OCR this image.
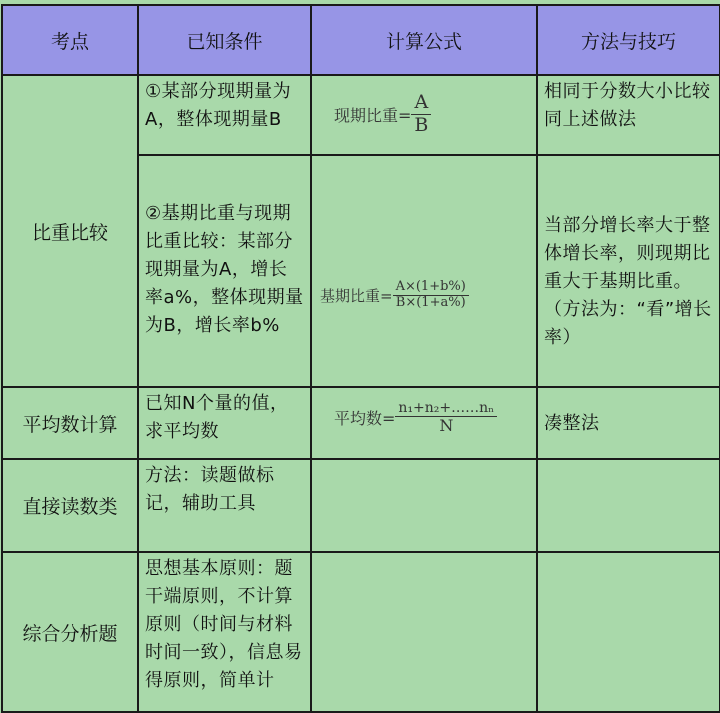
考点	已知条件	计算公式	方法与技巧
比重比较	①某部分现期量为A，整体现期量B	现期比重= $\frac{A}{B}$	相同于分数大小比较同上述做法
	②基期比重与现期比重比较：某部分现期量为A，增长率a%，整体现期量为B，增长率b%	基期比重= $\frac{A\times(1+b\%)}{B\times(1+a\%)}$	当部分增长率大于整体增长率，则现期比重大于基期比重。（方法为：“看”增长率）
平均数计算	已知N个量的值，求平均数	平均数= $\frac{\text{n₁+n₂+……nₙ}}{N}$	凑整法
直接读数类	方法：读题做标记，辅助工具		
综合分析题	思想基本原则：题干端原则，不计算原则（时间与材料时间一致），信息易得原则，简单计		
